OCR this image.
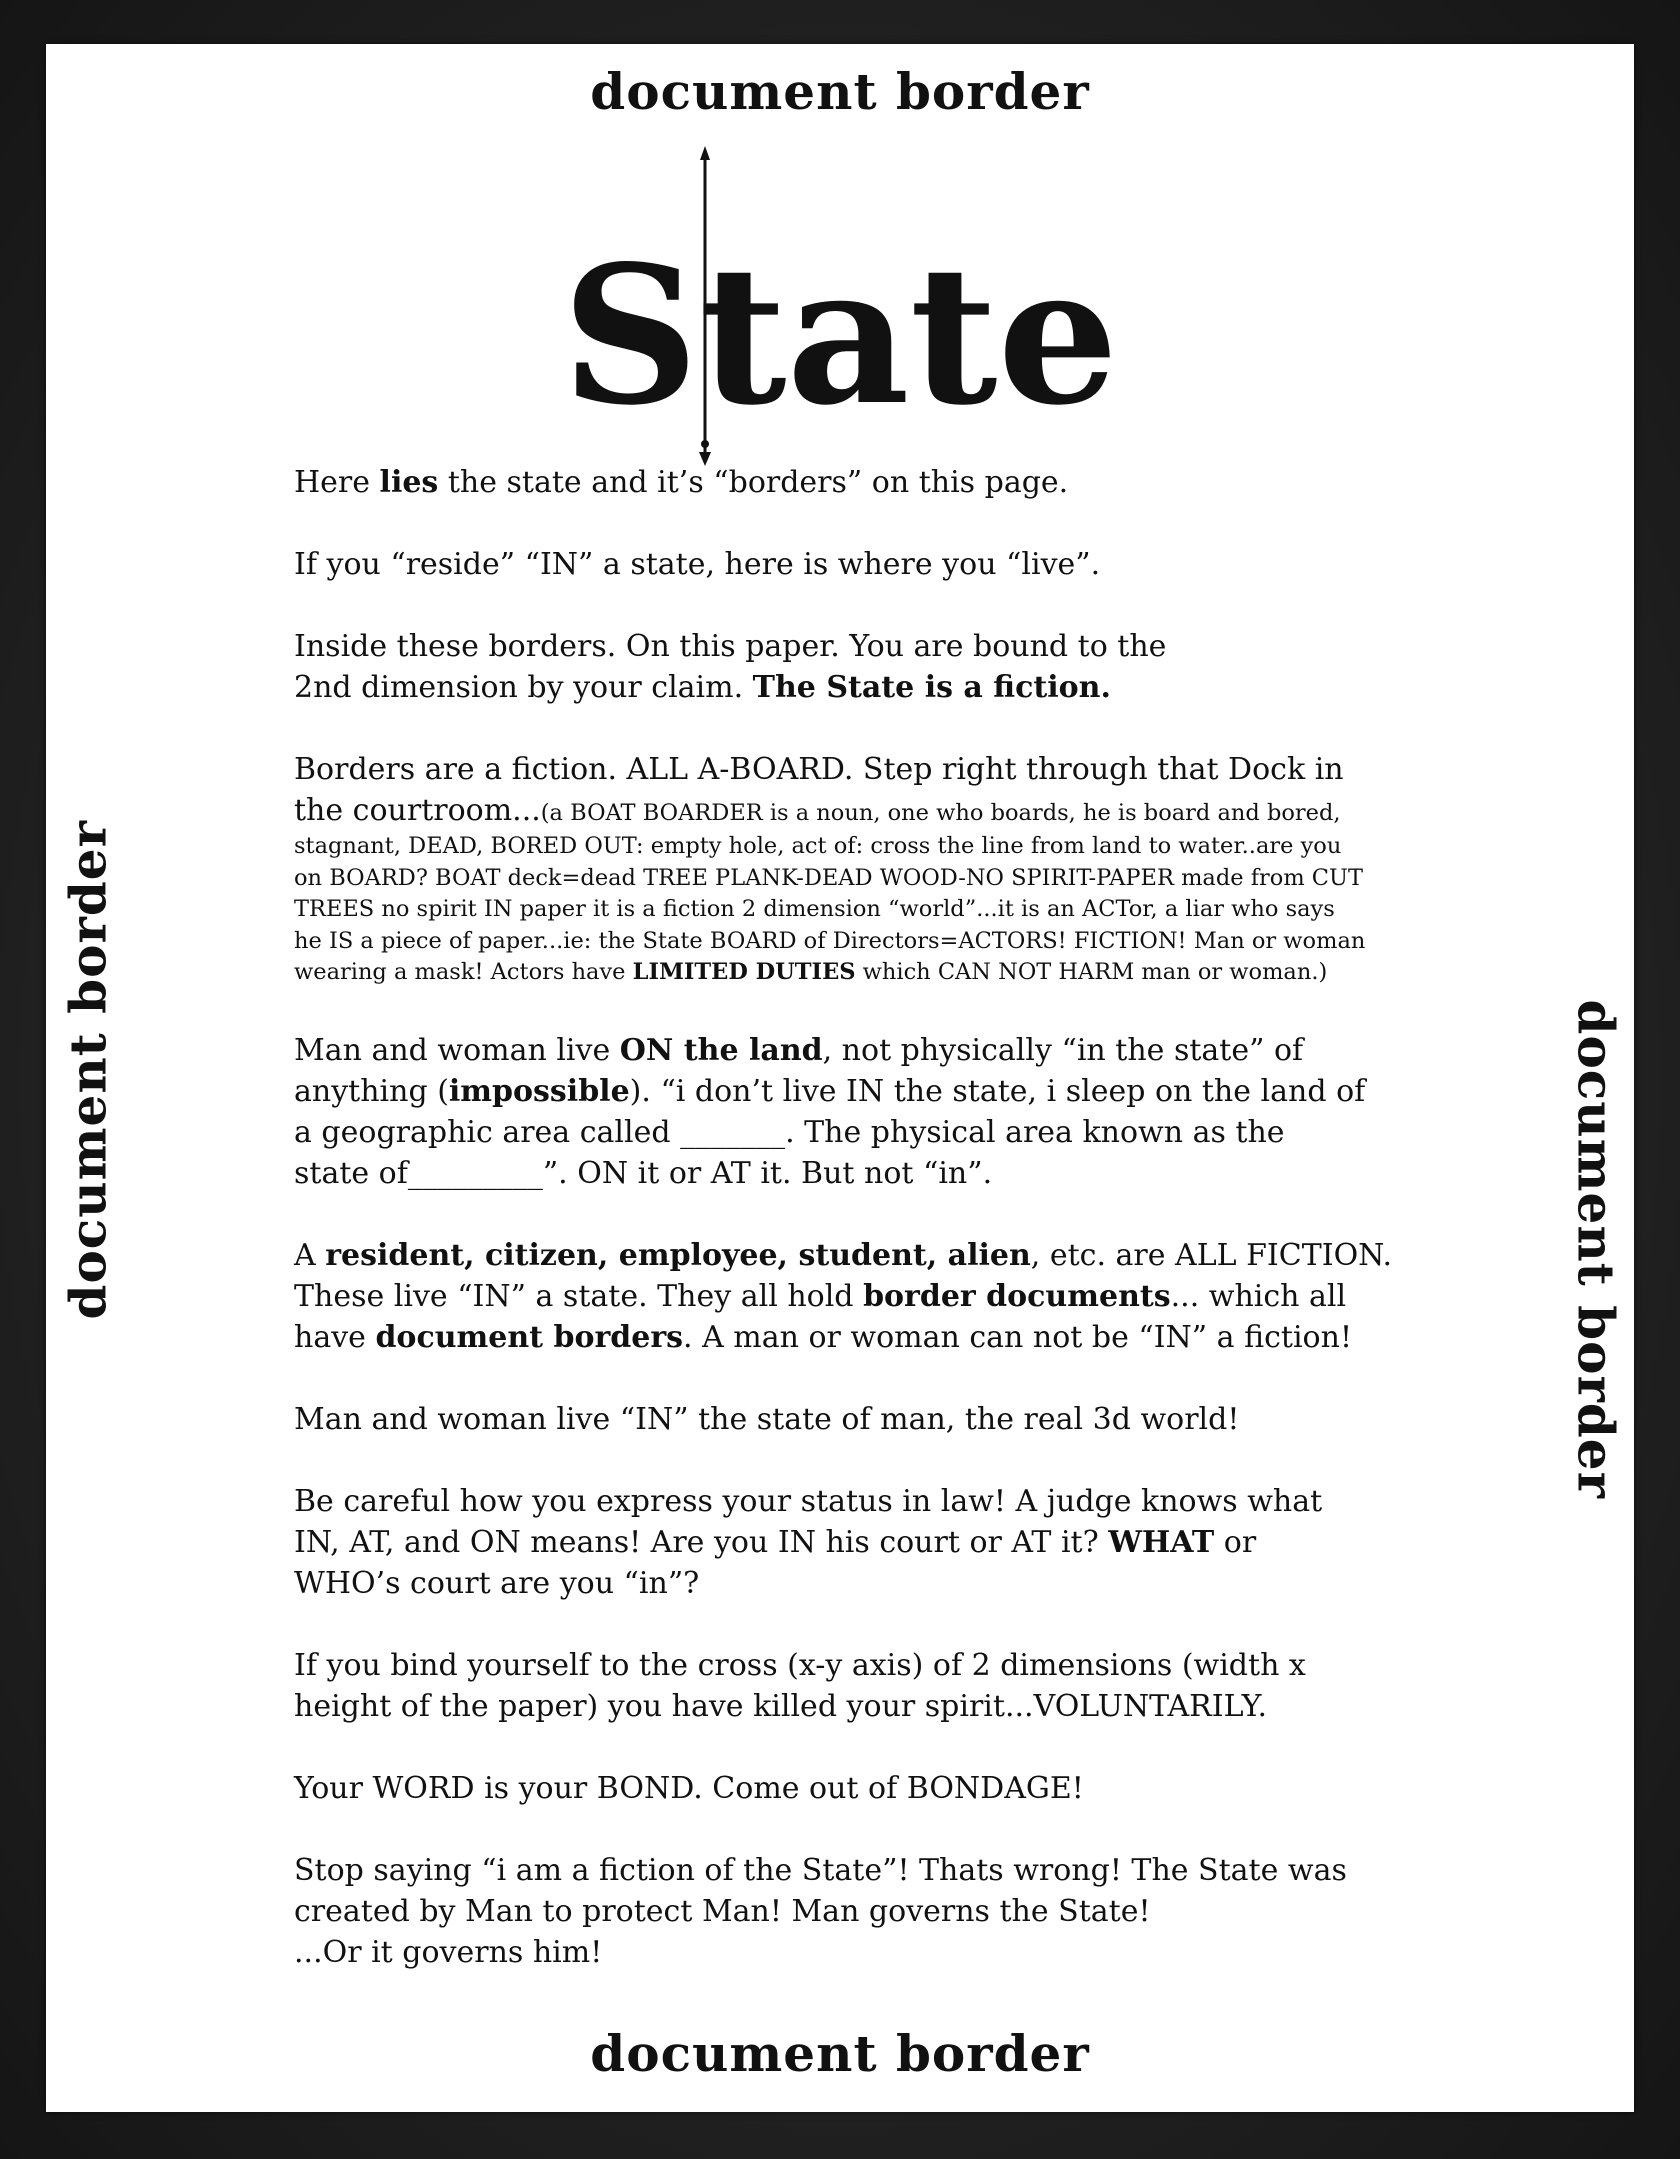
document border
State
document border	document border
Here lies the state and it’s “borders” on this page.
If you “reside” “IN” a state, here is where you “live”.
Inside these borders. On this paper. You are bound to the
2nd dimension by your claim. The State is a fiction.
Borders are a fiction. ALL A-BOARD. Step right through that Dock in
the courtroom...(a BOAT BOARDER is a noun, one who boards, he is board and bored,
stagnant, DEAD, BORED OUT: empty hole, act of: cross the line from land to water..are you
on BOARD? BOAT deck=dead TREE PLANK-DEAD WOOD-NO SPIRIT-PAPER made from CUT
TREES no spirit IN paper it is a fiction 2 dimension “world”...it is an ACTor, a liar who says
he IS a piece of paper...ie: the State BOARD of Directors=ACTORS! FICTION! Man or woman
wearing a mask! Actors have LIMITED DUTIES which CAN NOT HARM man or woman.)
Man and woman live ON the land, not physically “in the state” of
anything (impossible). “i don’t live IN the state, i sleep on the land of
a geographic area called _______. The physical area known as the
state of_________”. ON it or AT it. But not “in”.
A resident, citizen, employee, student, alien, etc. are ALL FICTION.
These live “IN” a state. They all hold border documents... which all
have document borders. A man or woman can not be “IN” a fiction!
Man and woman live “IN” the state of man, the real 3d world!
Be careful how you express your status in law! A judge knows what
IN, AT, and ON means! Are you IN his court or AT it? WHAT or
WHO’s court are you “in”?
If you bind yourself to the cross (x-y axis) of 2 dimensions (width x
height of the paper) you have killed your spirit...VOLUNTARILY.
Your WORD is your BOND. Come out of BONDAGE!
Stop saying “i am a fiction of the State”! Thats wrong! The State was
created by Man to protect Man! Man governs the State!
...Or it governs him!
document border
